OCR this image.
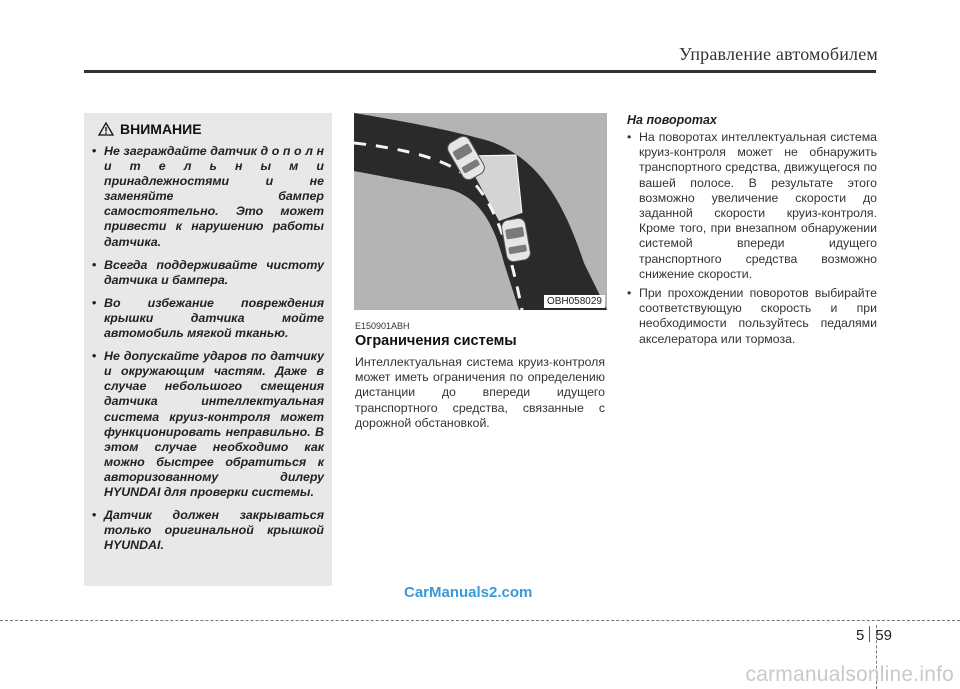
Управление автомобилем
ВНИМАНИЕ
• Не заграждайте датчик д о п о л н и т е л ь н ы м и принадлежностями и не заменяйте бампер самостоятельно. Это может привести к нарушению работы датчика.
• Всегда поддерживайте чистоту датчика и бампера.
• Во избежание повреждения крышки датчика мойте автомобиль мягкой тканью.
• Не допускайте ударов по датчику и окружающим частям. Даже в случае небольшого смещения датчика интеллектуальная система круиз-контроля может функционировать неправильно. В этом случае необходимо как можно быстрее обратиться к авторизованному дилеру HYUNDAI для проверки системы.
• Датчик должен закрываться только оригинальной крышкой HYUNDAI.
OBH058029
E150901ABH
Ограничения системы

Интеллектуальная система круиз-контроля может иметь ограничения по определению дистанции до впереди идущего транспортного средства, связанные с дорожной обстановкой.

На поворотах
• На поворотах интеллектуальная система круиз-контроля может не обнаружить транспортного средства, движущегося по вашей полосе. В результате этого возможно увеличение скорости до заданной скорости круиз-контроля. Кроме того, при внезапном обнаружении системой впереди идущего транспортного средства возможно снижение скорости.
• При прохождении поворотов выбирайте соответствующую скорость и при необходимости пользуйтесь педалями акселератора или тормоза.
CarManuals2.com
5 59
carmanualsonline.info
